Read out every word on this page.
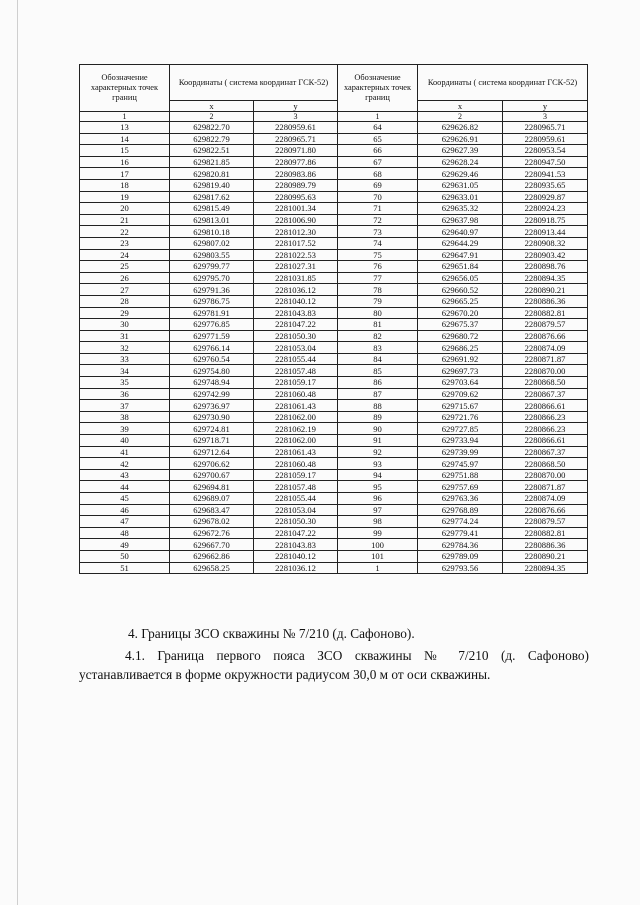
Обозначение характерных точек границ	Координаты ( система координат ГСК-52)		Обозначение характерных точек границ	Координаты ( система координат ГСК-52)	
	x	y		x	y
1	2	3	1	2	3
13	629822.70	2280959.61	64	629626.82	2280965.71
14	629822.79	2280965.71	65	629626.91	2280959.61
15	629822.51	2280971.80	66	629627.39	2280953.54
16	629821.85	2280977.86	67	629628.24	2280947.50
17	629820.81	2280983.86	68	629629.46	2280941.53
18	629819.40	2280989.79	69	629631.05	2280935.65
19	629817.62	2280995.63	70	629633.01	2280929.87
20	629815.49	2281001.34	71	629635.32	2280924.23
21	629813.01	2281006.90	72	629637.98	2280918.75
22	629810.18	2281012.30	73	629640.97	2280913.44
23	629807.02	2281017.52	74	629644.29	2280908.32
24	629803.55	2281022.53	75	629647.91	2280903.42
25	629799.77	2281027.31	76	629651.84	2280898.76
26	629795.70	2281031.85	77	629656.05	2280894.35
27	629791.36	2281036.12	78	629660.52	2280890.21
28	629786.75	2281040.12	79	629665.25	2280886.36
29	629781.91	2281043.83	80	629670.20	2280882.81
30	629776.85	2281047.22	81	629675.37	2280879.57
31	629771.59	2281050.30	82	629680.72	2280876.66
32	629766.14	2281053.04	83	629686.25	2280874.09
33	629760.54	2281055.44	84	629691.92	2280871.87
34	629754.80	2281057.48	85	629697.73	2280870.00
35	629748.94	2281059.17	86	629703.64	2280868.50
36	629742.99	2281060.48	87	629709.62	2280867.37
37	629736.97	2281061.43	88	629715.67	2280866.61
38	629730.90	2281062.00	89	629721.76	2280866.23
39	629724.81	2281062.19	90	629727.85	2280866.23
40	629718.71	2281062.00	91	629733.94	2280866.61
41	629712.64	2281061.43	92	629739.99	2280867.37
42	629706.62	2281060.48	93	629745.97	2280868.50
43	629700.67	2281059.17	94	629751.88	2280870.00
44	629694.81	2281057.48	95	629757.69	2280871.87
45	629689.07	2281055.44	96	629763.36	2280874.09
46	629683.47	2281053.04	97	629768.89	2280876.66
47	629678.02	2281050.30	98	629774.24	2280879.57
48	629672.76	2281047.22	99	629779.41	2280882.81
49	629667.70	2281043.83	100	629784.36	2280886.36
50	629662.86	2281040.12	101	629789.09	2280890.21
51	629658.25	2281036.12	1	629793.56	2280894.35
4. Границы ЗСО скважины № 7/210 (д. Сафоново).
4.1. Граница первого пояса ЗСО скважины № 7/210 (д. Сафоново) устанавливается в форме окружности радиусом 30,0 м от оси скважины.
